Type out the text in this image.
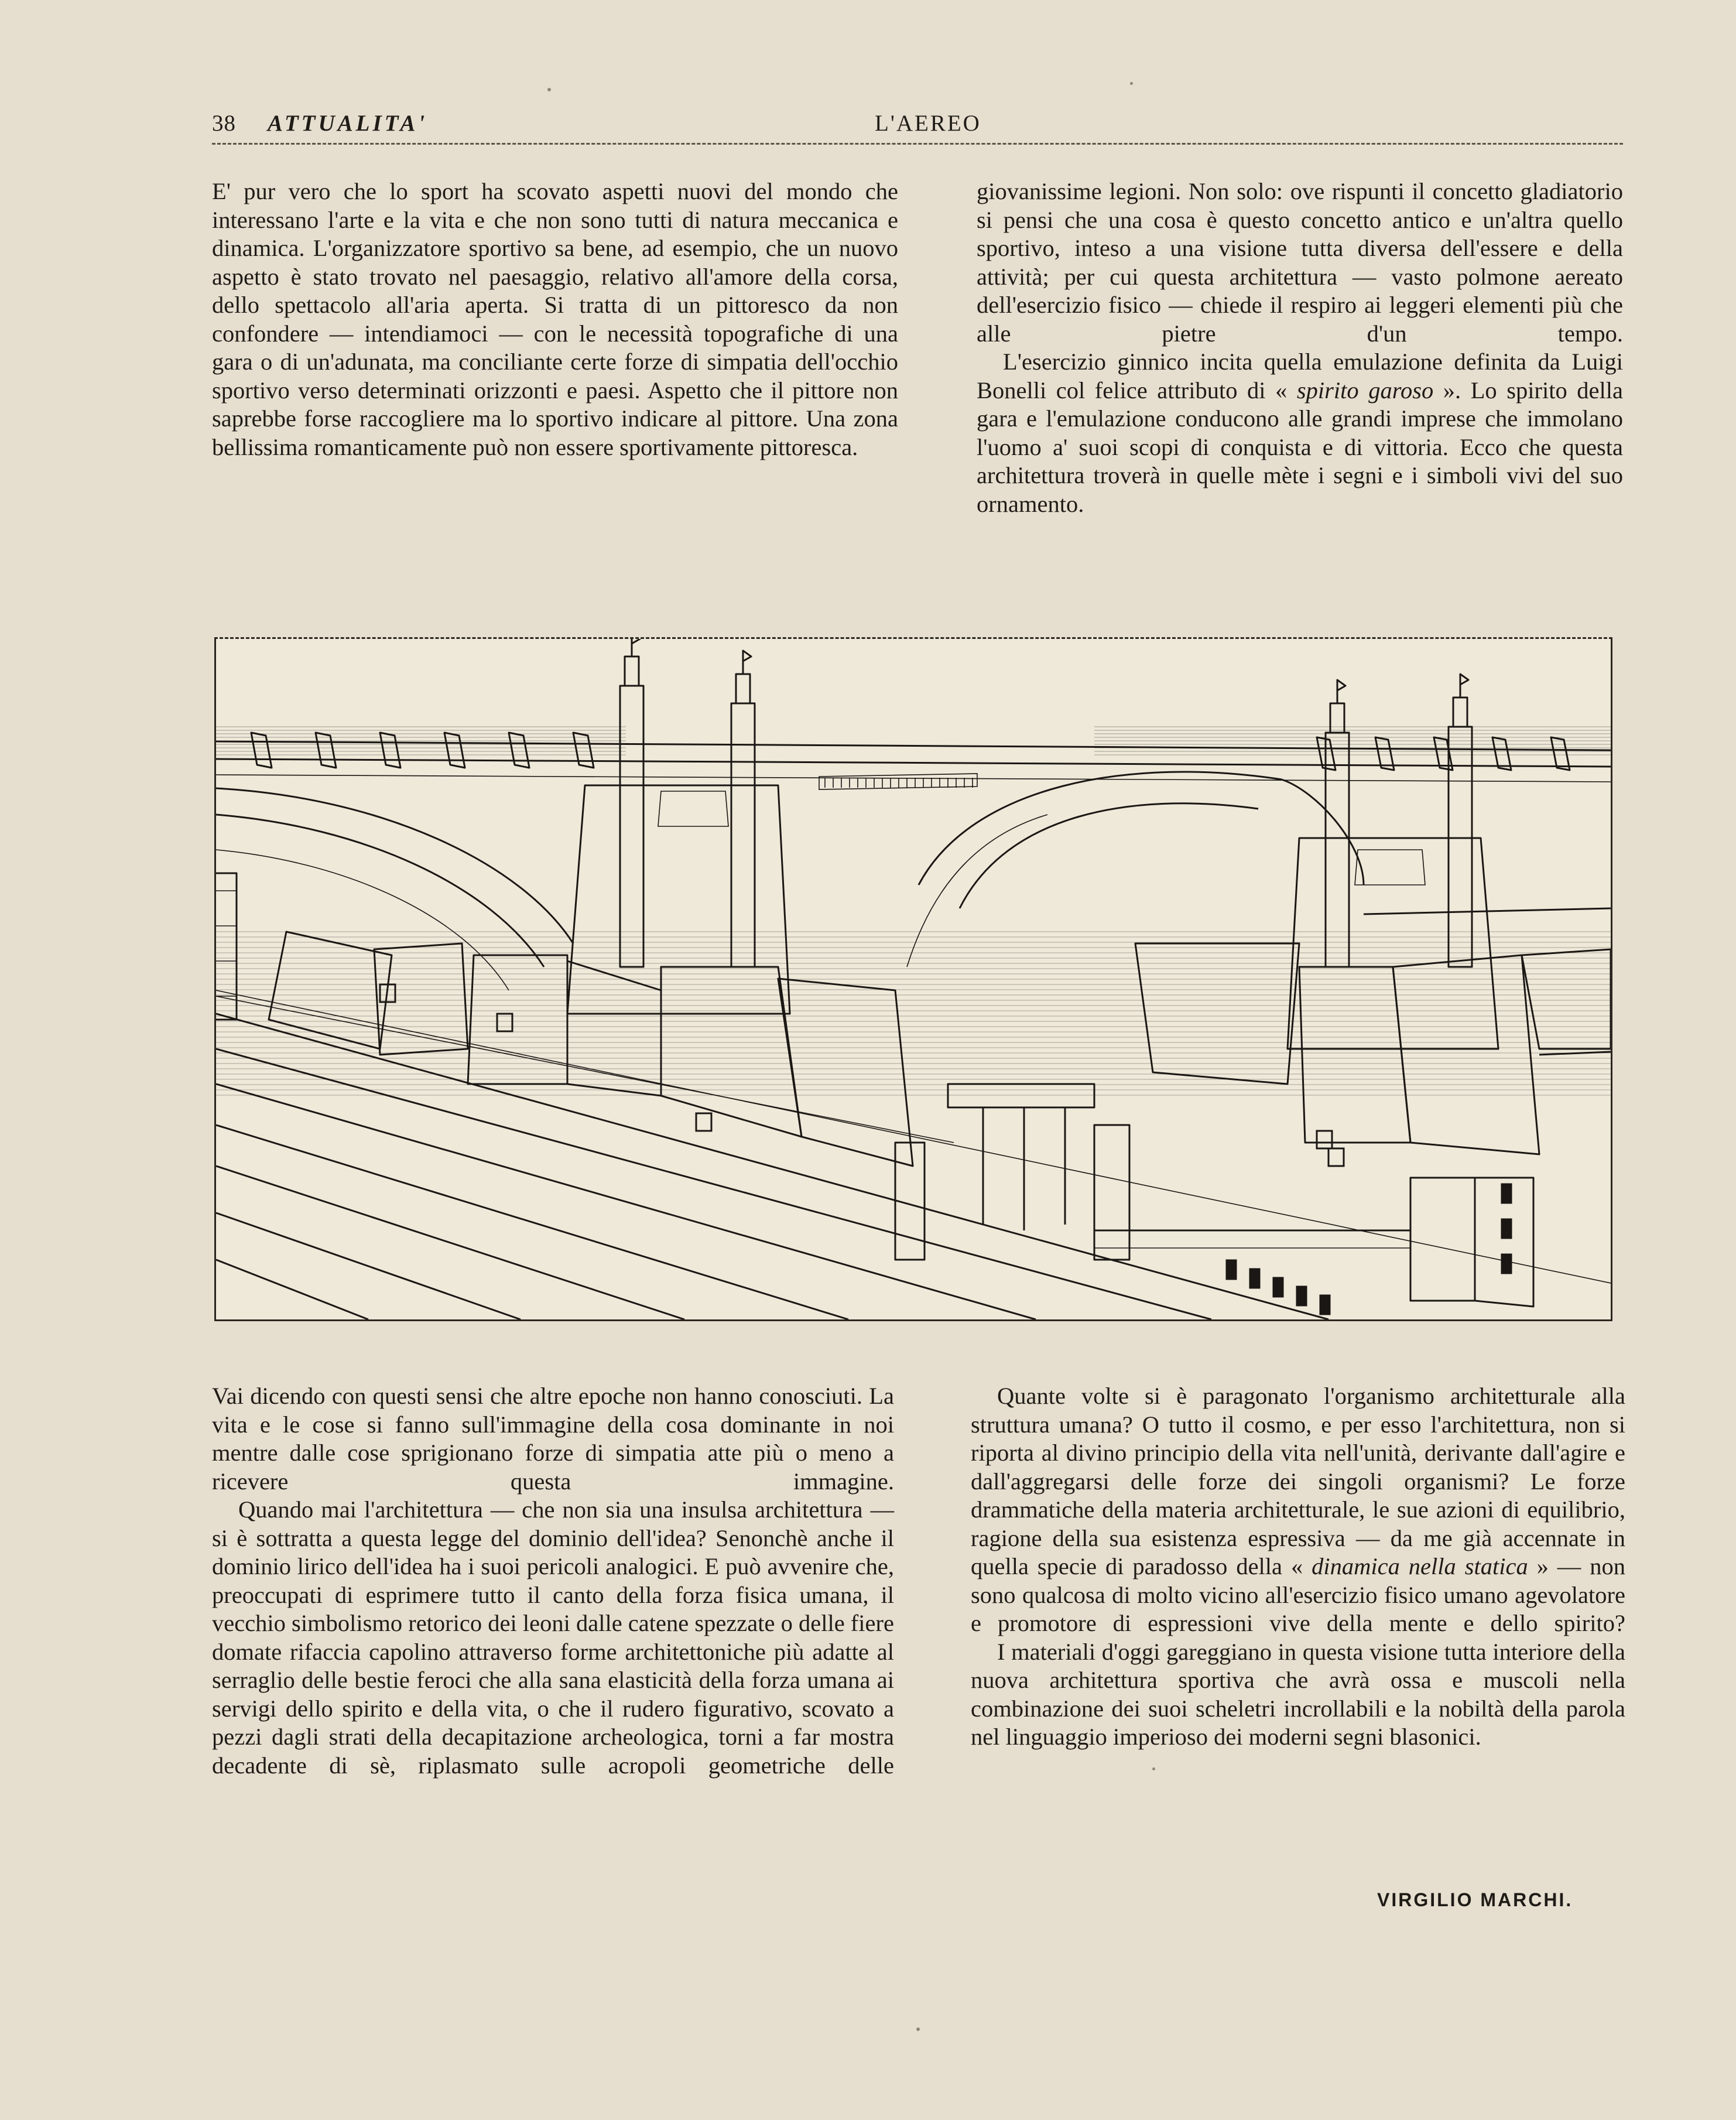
38 ATTUALITA'	L'AEREO

E' pur vero che lo sport ha scovato aspetti nuovi del mondo che interessano l'arte e la vita e che non sono tutti di natura meccanica e dinamica. L'organizzatore sportivo sa bene, ad esempio, che un nuovo aspetto è stato trovato nel paesaggio, relativo all'amore della corsa, dello spettacolo all'aria aperta. Si tratta di un pittoresco da non confondere — intendiamoci — con le necessità topografiche di una gara o di un'adunata, ma conciliante certe forze di simpatia dell'occhio sportivo verso determinati orizzonti e paesi. Aspetto che il pittore non saprebbe forse raccogliere ma lo sportivo indicare al pittore. Una zona bellissima romanticamente può non essere sportivamente pittoresca.

giovanissime legioni. Non solo: ove rispunti il concetto gladiatorio si pensi che una cosa è questo concetto antico e un'altra quello sportivo, inteso a una visione tutta diversa dell'essere e della attività; per cui questa architettura — vasto polmone aereato dell'esercizio fisico — chiede il respiro ai leggeri elementi più che alle pietre d'un tempo.

L'esercizio ginnico incita quella emulazione definita da Luigi Bonelli col felice attributo di « spirito garoso ». Lo spirito della gara e l'emulazione conducono alle grandi imprese che immolano l'uomo a' suoi scopi di conquista e di vittoria. Ecco che questa architettura troverà in quelle mète i segni e i simboli vivi del suo ornamento.

Vai dicendo con questi sensi che altre epoche non hanno conosciuti. La vita e le cose si fanno sull'immagine della cosa dominante in noi mentre dalle cose sprigionano forze di simpatia atte più o meno a ricevere questa immagine.

Quando mai l'architettura — che non sia una insulsa architettura — si è sottratta a questa legge del dominio dell'idea? Senonchè anche il dominio lirico dell'idea ha i suoi pericoli analogici. E può avvenire che, preoccupati di esprimere tutto il canto della forza fisica umana, il vecchio simbolismo retorico dei leoni dalle catene spezzate o delle fiere domate rifaccia capolino attraverso forme architettoniche più adatte al serraglio delle bestie feroci che alla sana elasticità della forza umana ai servigi dello spirito e della vita, o che il rudero figurativo, scovato a pezzi dagli strati della decapitazione archeologica, torni a far mostra decadente di sè, riplasmato sulle acropoli geometriche delle

Quante volte si è paragonato l'organismo architetturale alla struttura umana? O tutto il cosmo, e per esso l'architettura, non si riporta al divino principio della vita nell'unità, derivante dall'agire e dall'aggregarsi delle forze dei singoli organismi? Le forze drammatiche della materia architetturale, le sue azioni di equilibrio, ragione della sua esistenza espressiva — da me già accennate in quella specie di paradosso della « dinamica nella statica » — non sono qualcosa di molto vicino all'esercizio fisico umano agevolatore e promotore di espressioni vive della mente e dello spirito?

I materiali d'oggi gareggiano in questa visione tutta interiore della nuova architettura sportiva che avrà ossa e muscoli nella combinazione dei suoi scheletri incrollabili e la nobiltà della parola nel linguaggio imperioso dei moderni segni blasonici.

VIRGILIO MARCHI.
